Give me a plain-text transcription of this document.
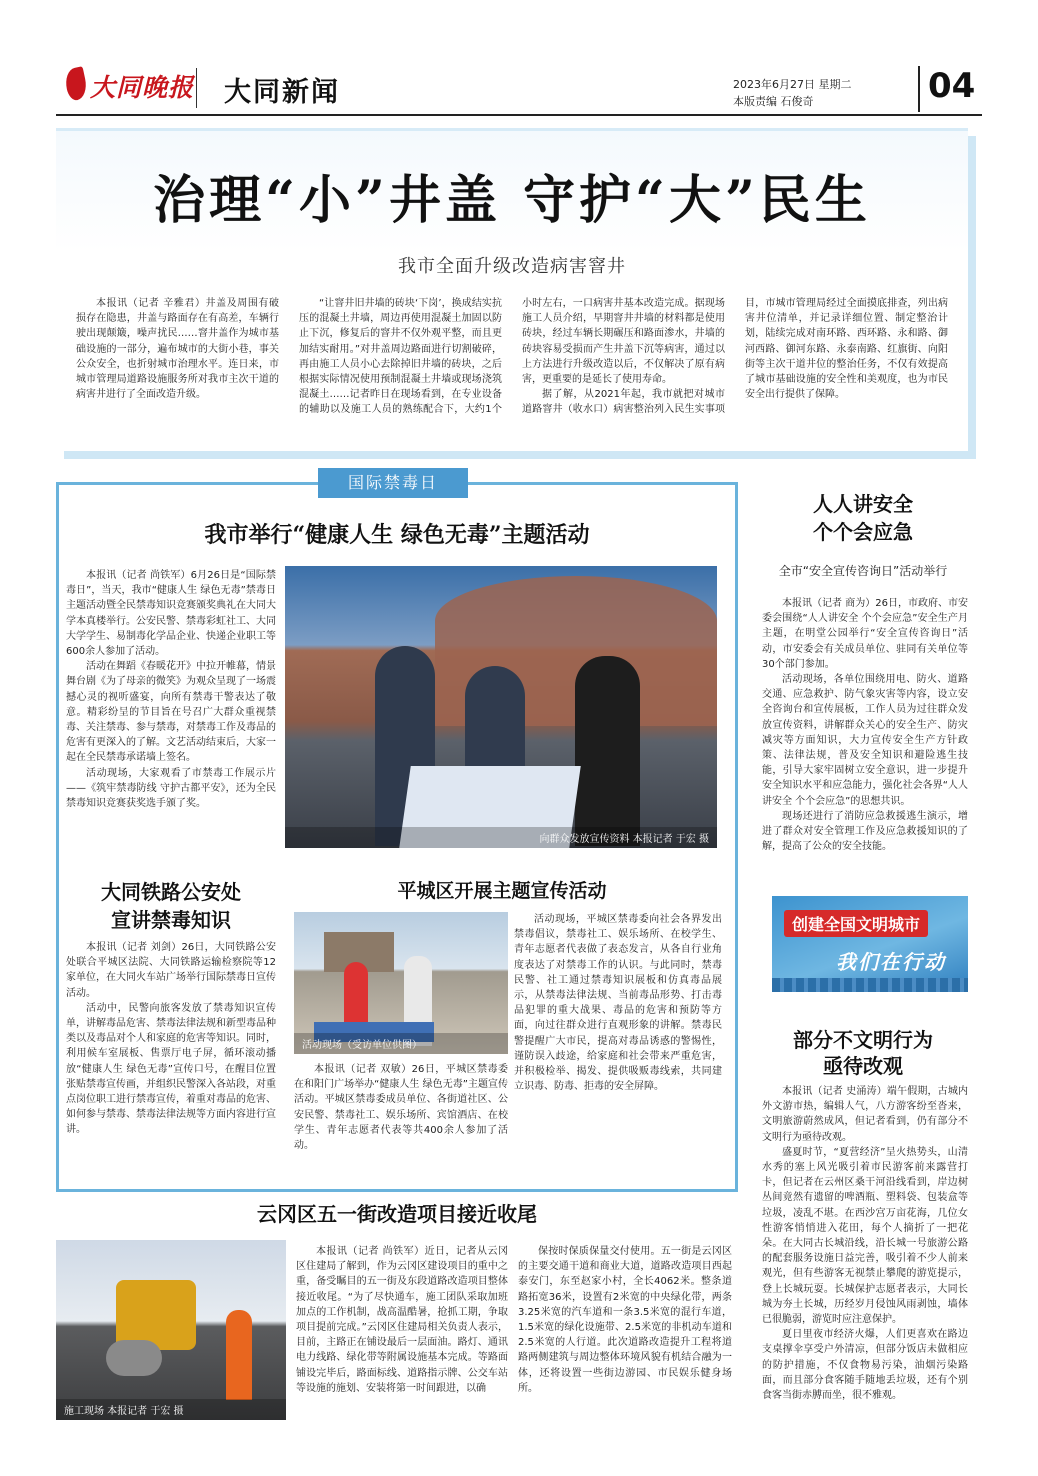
大同晚报 大同新闻	2023年6月27日 星期二
本版责编 石俊奇	04
治理“小”井盖 守护“大”民生
我市全面升级改造病害窨井

本报讯（记者 辛雅君）井盖及周围有破损存在隐患，井盖与路面存在有高差，车辆行驶出现颠簸，噪声扰民……窨井盖作为城市基础设施的一部分，遍布城市的大街小巷，事关公众安全，也折射城市治理水平。连日来，市城市管理局道路设施服务所对我市主次干道的病害井进行了全面改造升级。

“让窨井旧井墙的砖块‘下岗’，换成结实抗压的混凝土井墙，周边再使用混凝土加固以防止下沉，修复后的窨井不仅外观平整，而且更加结实耐用。”对井盖周边路面进行切割破碎，再由施工人员小心去除掉旧井墙的砖块，之后根据实际情况使用预制混凝土井墙或现场浇筑混凝土……记者昨日在现场看到，在专业设备的辅助以及施工人员的熟练配合下，大约1个小时左右，一口病害井基本改造完成。据现场施工人员介绍，早期窨井井墙的材料都是使用砖块，经过车辆长期碾压和路面渗水，井墙的砖块容易受损而产生井盖下沉等病害，通过以上方法进行升级改造以后，不仅解决了原有病害，更重要的是延长了使用寿命。

据了解，从2021年起，我市就把对城市道路窨井（收水口）病害整治列入民生实事项目，市城市管理局经过全面摸底排查，列出病害井位清单，并记录详细位置、制定整治计划，陆续完成对南环路、西环路、永和路、御河西路、御河东路、永泰南路、红旗街、向阳街等主次干道井位的整治任务，不仅有效提高了城市基础设施的安全性和美观度，也为市民安全出行提供了保障。

国际禁毒日
我市举行“健康人生 绿色无毒”主题活动

本报讯（记者 尚铁军）6月26日是“国际禁毒日”，当天，我市“健康人生 绿色无毒”禁毒日主题活动暨全民禁毒知识竞赛颁奖典礼在大同大学本真楼举行。公安民警、禁毒彩虹社工、大同大学学生、易制毒化学品企业、快递企业职工等600余人参加了活动。

活动在舞蹈《春暖花开》中拉开帷幕，情景舞台剧《为了母亲的微笑》为观众呈现了一场震撼心灵的视听盛宴，向所有禁毒干警表达了敬意。精彩纷呈的节目旨在号召广大群众重视禁毒、关注禁毒、参与禁毒，对禁毒工作及毒品的危害有更深入的了解。文艺活动结束后，大家一起在全民禁毒承诺墙上签名。

活动现场，大家观看了市禁毒工作展示片——《筑牢禁毒防线 守护古都平安》，还为全民禁毒知识竞赛获奖选手颁了奖。

向群众发放宣传资料 本报记者 于宏 摄
大同铁路公安处
宣讲禁毒知识

本报讯（记者 刘剑）26日，大同铁路公安处联合平城区法院、大同铁路运输检察院等12家单位，在大同火车站广场举行国际禁毒日宣传活动。

活动中，民警向旅客发放了禁毒知识宣传单，讲解毒品危害、禁毒法律法规和新型毒品种类以及毒品对个人和家庭的危害等知识。同时，利用候车室展板、售票厅电子屏，循环滚动播放“健康人生 绿色无毒”宣传口号，在醒目位置张贴禁毒宣传画，并组织民警深入各站段，对重点岗位职工进行禁毒宣传，着重对毒品的危害、如何参与禁毒、禁毒法律法规等方面内容进行宣讲。

平城区开展主题宣传活动
活动现场（受访单位供图）

本报讯（记者 双敏）26日，平城区禁毒委在和阳门广场举办“健康人生 绿色无毒”主题宣传活动。平城区禁毒委成员单位、各街道社区、公安民警、禁毒社工、娱乐场所、宾馆酒店、在校学生、青年志愿者代表等共400余人参加了活动。

活动现场，平城区禁毒委向社会各界发出禁毒倡议，禁毒社工、娱乐场所、在校学生、青年志愿者代表做了表态发言，从各自行业角度表达了对禁毒工作的认识。与此同时，禁毒民警、社工通过禁毒知识展板和仿真毒品展示，从禁毒法律法规、当前毒品形势、打击毒品犯罪的重大战果、毒品的危害和预防等方面，向过往群众进行直观形象的讲解。禁毒民警提醒广大市民，提高对毒品诱惑的警惕性，谨防误入歧途，给家庭和社会带来严重危害，并积极检举、揭发、提供吸贩毒线索，共同建立识毒、防毒、拒毒的安全屏障。

人人讲安全
个个会应急
全市“安全宣传咨询日”活动举行

本报讯（记者 商为）26日，市政府、市安委会围绕“人人讲安全 个个会应急”安全生产月主题，在明堂公园举行“安全宣传咨询日”活动，市安委会有关成员单位、驻同有关单位等30个部门参加。

活动现场，各单位围绕用电、防火、道路交通、应急救护、防气象灾害等内容，设立安全咨询台和宣传展板，工作人员为过往群众发放宣传资料，讲解群众关心的安全生产、防灾减灾等方面知识，大力宣传安全生产方针政策、法律法规，普及安全知识和避险逃生技能，引导大家牢固树立安全意识，进一步提升安全知识水平和应急能力，强化社会各界“人人讲安全 个个会应急”的思想共识。

现场还进行了消防应急救援逃生演示，增进了群众对安全管理工作及应急救援知识的了解，提高了公众的安全技能。

创建全国文明城市
我们在行动
部分不文明行为
亟待改观

本报讯（记者 史涌涛）端午假期，古城内外文游市热，编辑人气，八方游客纷至沓来，文明旅游蔚然成风，但记者看到，仍有部分不文明行为亟待改观。

盛夏时节，“夏营经济”呈火热势头，山清水秀的塞上风光吸引着市民游客前来露营打卡，但记者在云州区桑干河沿线看到，岸边树丛间竟然有遗留的啤酒瓶、塑料袋、包装盒等垃圾，凌乱不堪。在西沙宫万亩花海，几位女性游客悄悄进入花田，每个人摘折了一把花朵。在大同古长城沿线，沿长城一号旅游公路的配套服务设施日益完善，吸引着不少人前来观光，但有些游客无视禁止攀爬的游览提示，登上长城玩耍。长城保护志愿者表示，大同长城为夯土长城，历经岁月侵蚀风雨剥蚀，墙体已很脆弱，游览时应注意保护。

夏日里夜市经济火爆，人们更喜欢在路边支桌撑伞享受户外清凉，但部分饭店未做相应的防护措施，不仅食物易污染，油烟污染路面，而且部分食客随手随地丢垃圾，还有个别食客当街赤膊而坐，很不雅观。

云冈区五一街改造项目接近收尾
施工现场 本报记者 于宏 摄

本报讯（记者 尚铁军）近日，记者从云冈区住建局了解到，作为云冈区建设项目的重中之重，备受瞩目的五一街及东段道路改造项目整体接近收尾。“为了尽快通车，施工团队采取加班加点的工作机制，战高温酷暑，抢抓工期，争取项目提前完成。”云冈区住建局相关负责人表示，目前，主路正在铺设最后一层面油。路灯、通讯电力线路、绿化带等附属设施基本完成。等路面铺设完毕后，路面标线、道路指示牌、公交车站等设施的施划、安装将第一时间跟进，以确

保按时保质保量交付使用。五一街是云冈区的主要交通干道和商业大道，道路改造项目西起泰安门，东至赵家小村，全长4062米。整条道路拓宽36米，设置有2米宽的中央绿化带，两条3.25米宽的汽车道和一条3.5米宽的混行车道，1.5米宽的绿化设施带、2.5米宽的非机动车道和2.5米宽的人行道。此次道路改造提升工程将道路两侧建筑与周边整体环境风貌有机结合融为一体，还将设置一些街边游园、市民娱乐健身场所。
